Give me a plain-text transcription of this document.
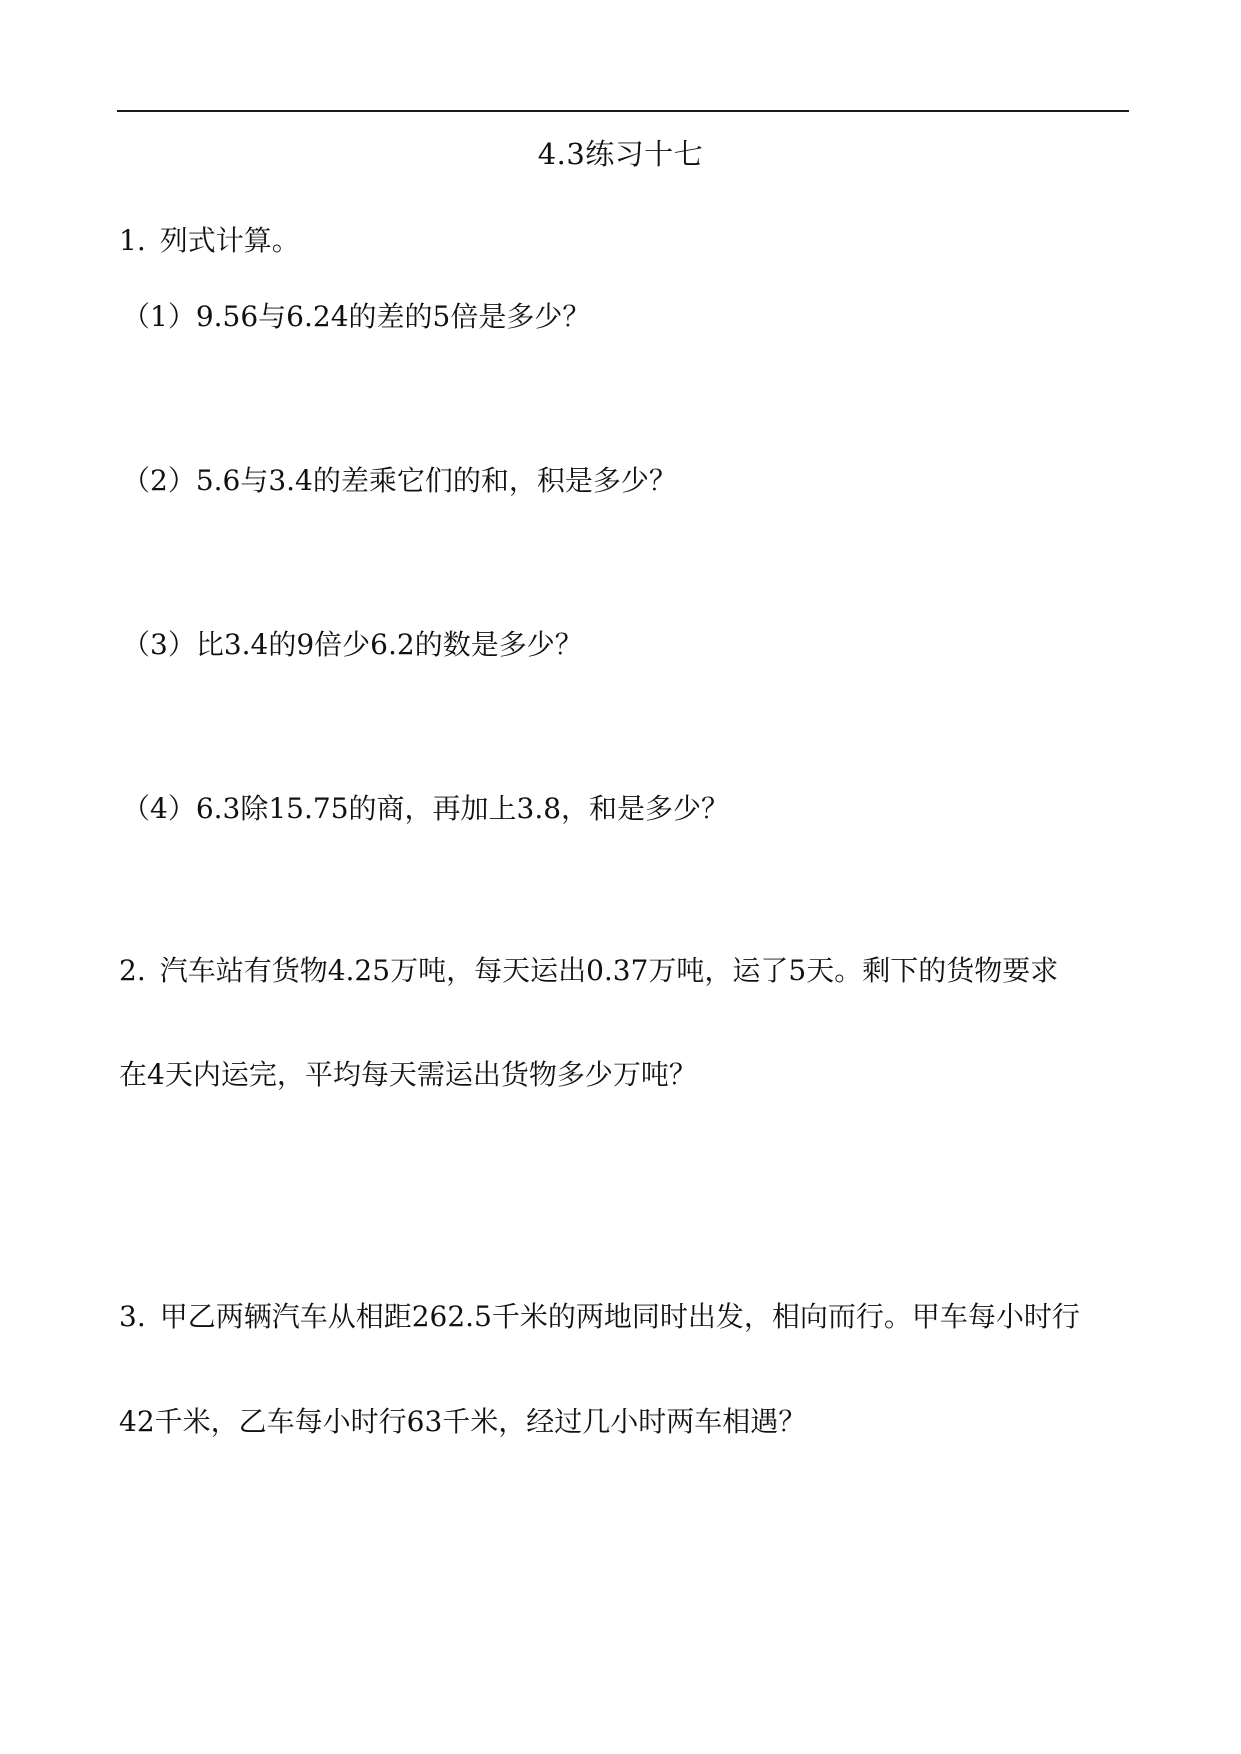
4.3练习十七
1. 列式计算。
（1）9.56与6.24的差的5倍是多少？
（2）5.6与3.4的差乘它们的和，积是多少？
（3）比3.4的9倍少6.2的数是多少？
（4）6.3除15.75的商，再加上3.8，和是多少？
2. 汽车站有货物4.25万吨，每天运出0.37万吨，运了5天。剩下的货物要求
在4天内运完，平均每天需运出货物多少万吨？
3. 甲乙两辆汽车从相距262.5千米的两地同时出发，相向而行。甲车每小时行
42千米，乙车每小时行63千米，经过几小时两车相遇？
